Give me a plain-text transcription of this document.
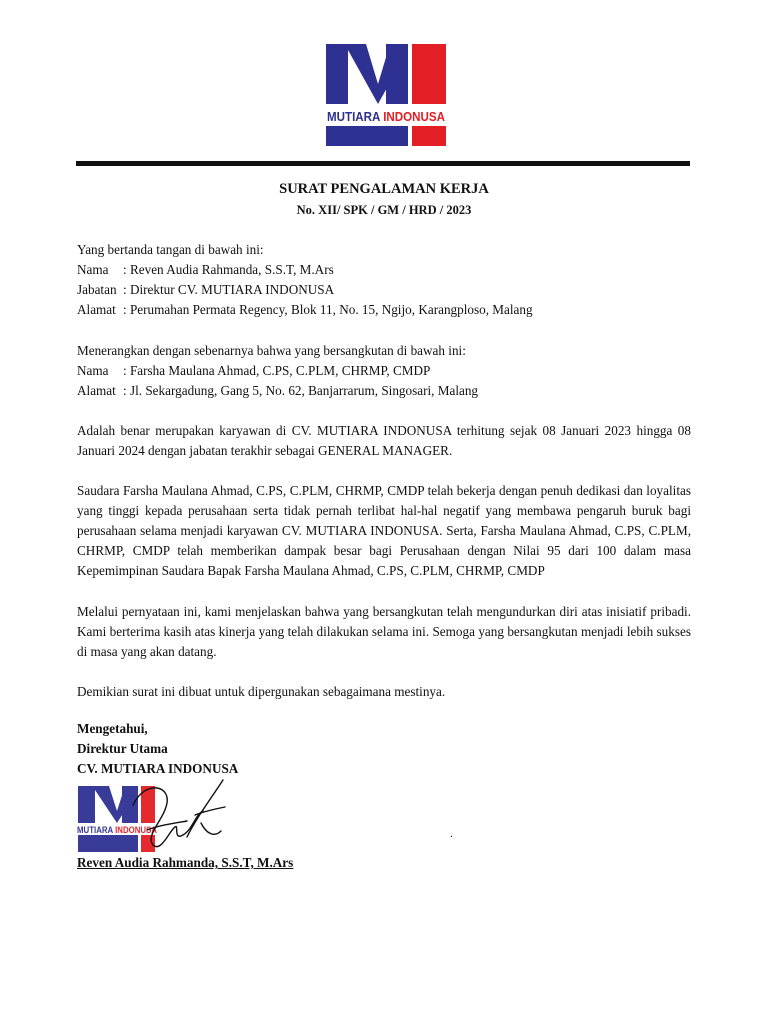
MUTIARA INDONUSA
SURAT PENGALAMAN KERJA
No. XII/ SPK / GM / HRD / 2023
Yang bertanda tangan di bawah ini:
Nama	: Reven Audia Rahmanda, S.S.T, M.Ars
Jabatan : Direktur CV. MUTIARA INDONUSA
Alamat : Perumahan Permata Regency, Blok 11, No. 15, Ngijo, Karangploso, Malang
Menerangkan dengan sebenarnya bahwa yang bersangkutan di bawah ini:
Nama	: Farsha Maulana Ahmad, C.PS, C.PLM, CHRMP, CMDP
Alamat : Jl. Sekargadung, Gang 5, No. 62, Banjarrarum, Singosari, Malang
Adalah benar merupakan karyawan di CV. MUTIARA INDONUSA terhitung sejak 08 Januari 2023 hingga 08 Januari 2024 dengan jabatan terakhir sebagai GENERAL MANAGER.
Saudara Farsha Maulana Ahmad, C.PS, C.PLM, CHRMP, CMDP telah bekerja dengan penuh dedikasi dan loyalitas yang tinggi kepada perusahaan serta tidak pernah terlibat hal-hal negatif yang membawa pengaruh buruk bagi perusahaan selama menjadi karyawan CV. MUTIARA INDONUSA. Serta, Farsha Maulana Ahmad, C.PS, C.PLM, CHRMP, CMDP telah memberikan dampak besar bagi Perusahaan dengan Nilai 95 dari 100 dalam masa Kepemimpinan Saudara Bapak Farsha Maulana Ahmad, C.PS, C.PLM, CHRMP, CMDP
Melalui pernyataan ini, kami menjelaskan bahwa yang bersangkutan telah mengundurkan diri atas inisiatif pribadi. Kami berterima kasih atas kinerja yang telah dilakukan selama ini. Semoga yang bersangkutan menjadi lebih sukses di masa yang akan datang.
Demikian surat ini dibuat untuk dipergunakan sebagaimana mestinya.
Mengetahui,
Direktur Utama
CV. MUTIARA INDONUSA
MUTIARA INDONUSA	.
Reven Audia Rahmanda, S.S.T, M.Ars
